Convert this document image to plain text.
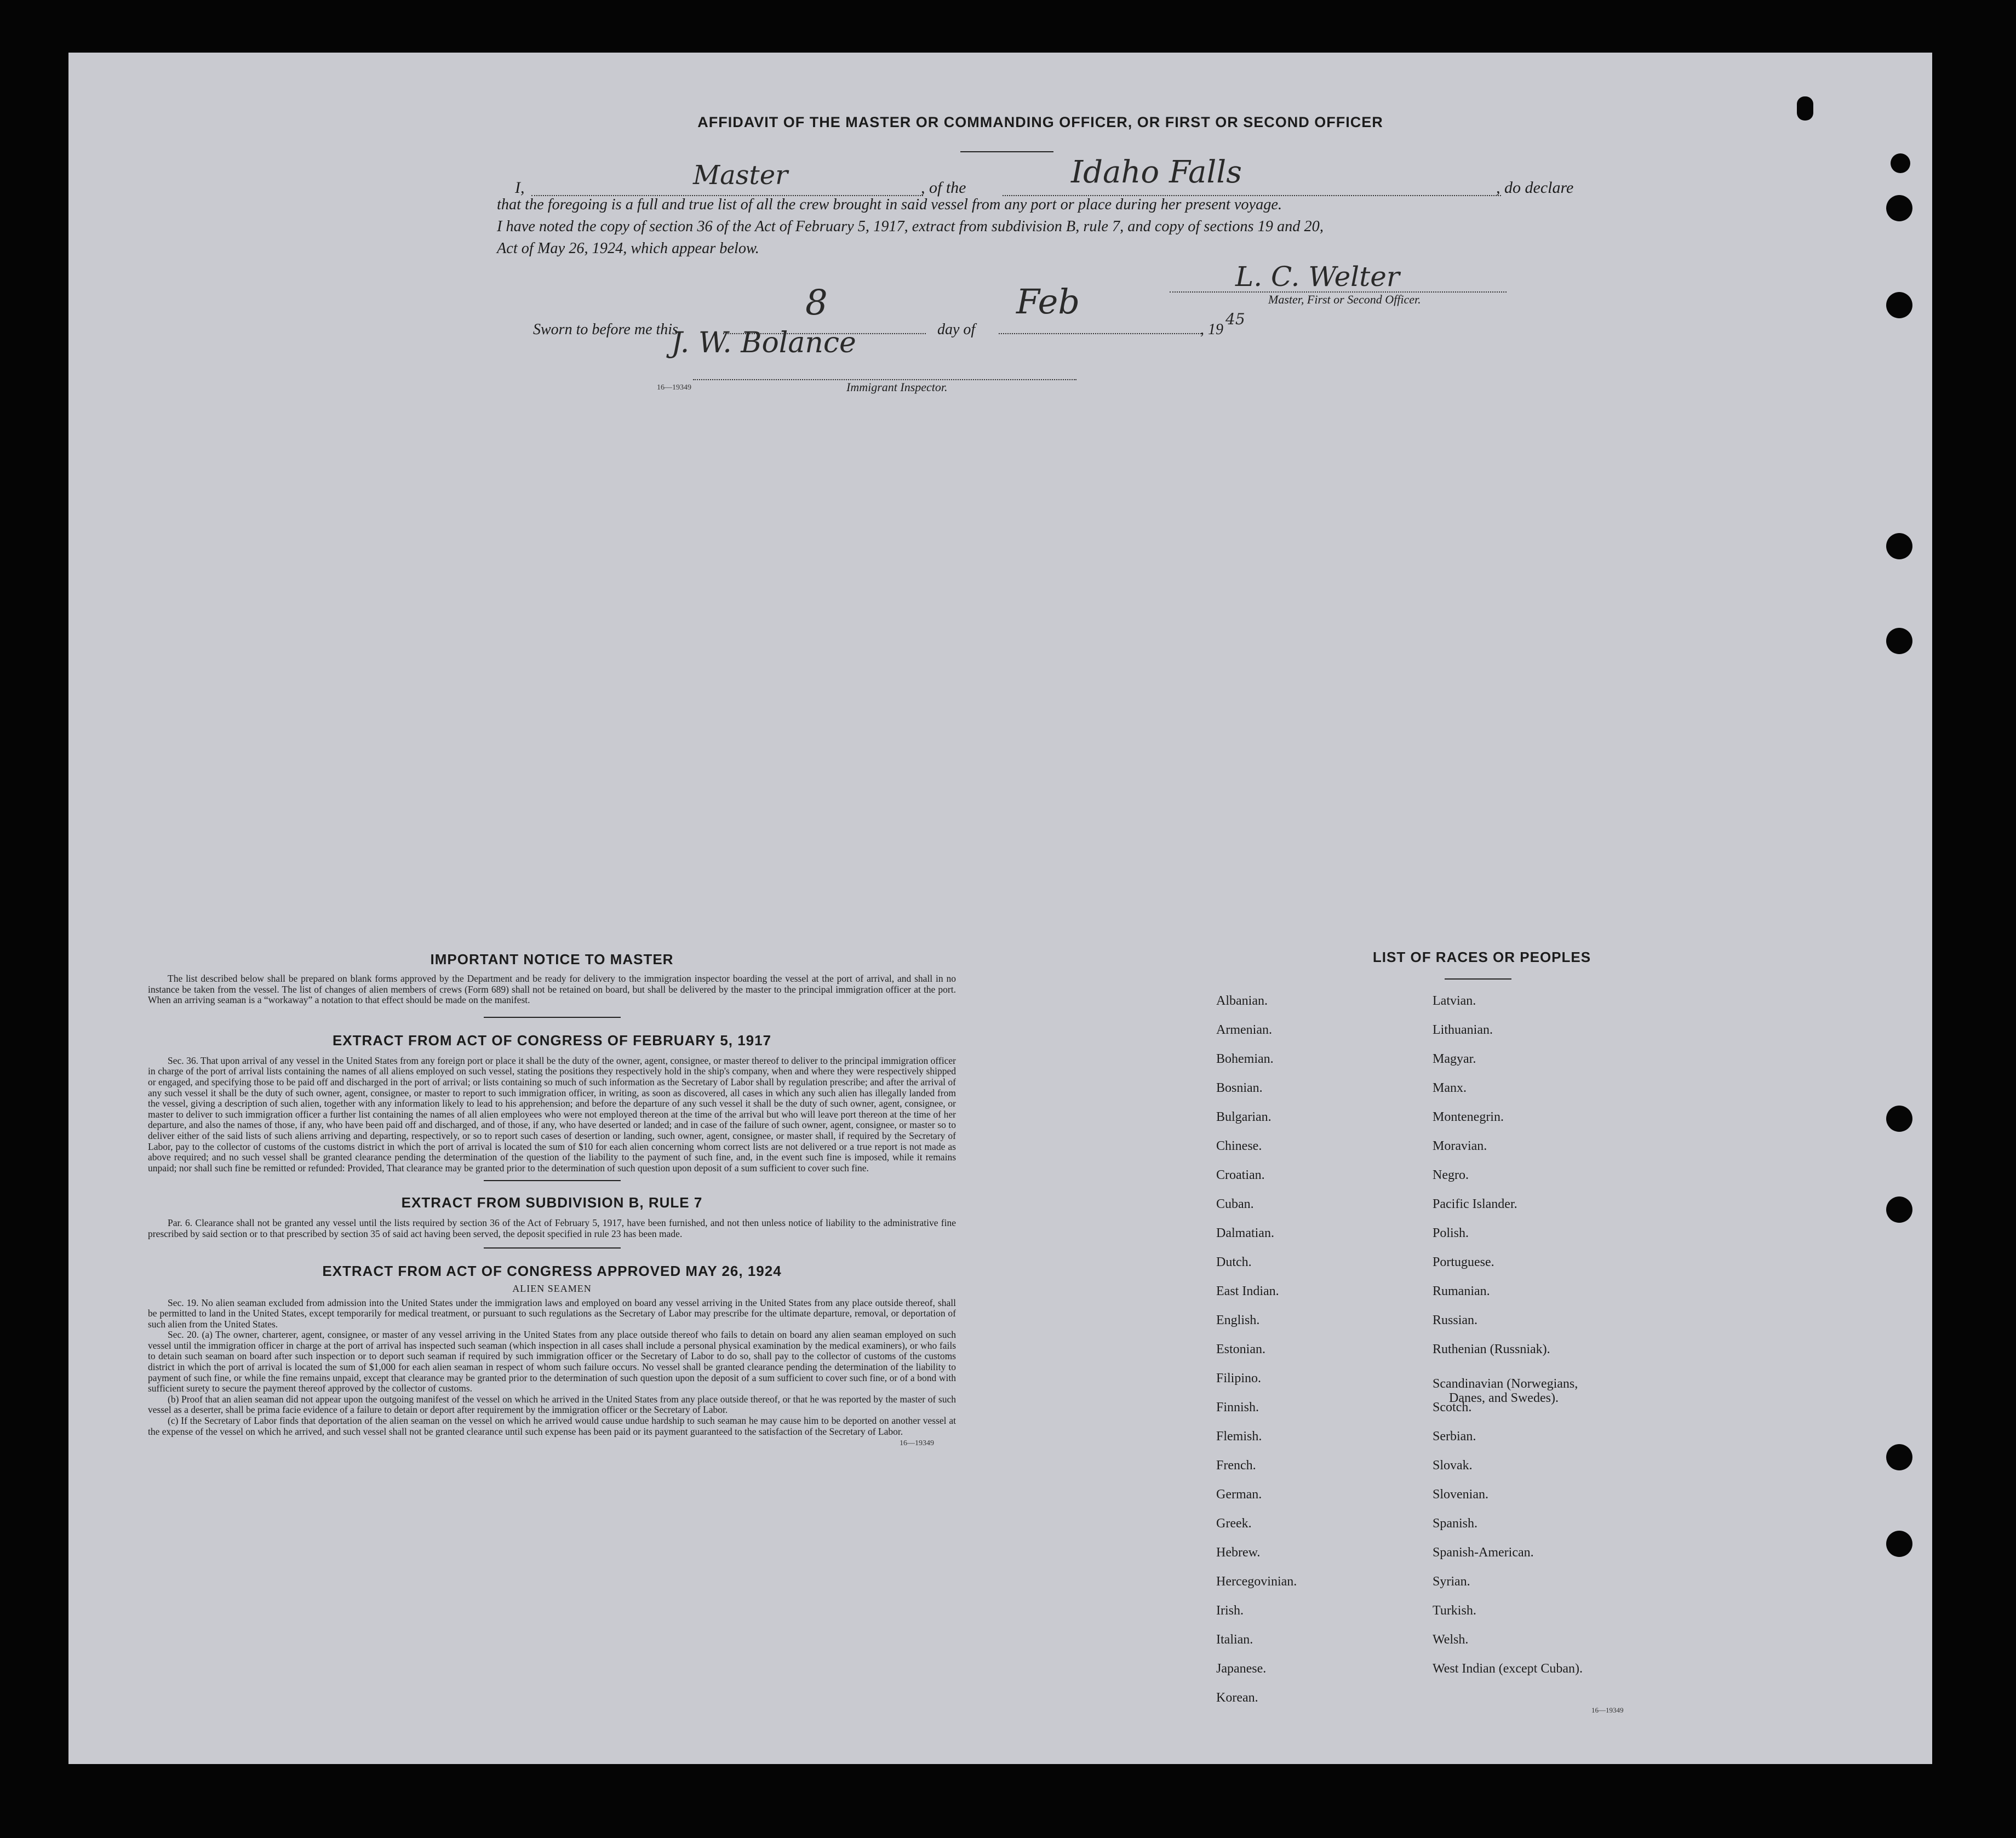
AFFIDAVIT OF THE MASTER OR COMMANDING OFFICER, OR FIRST OR SECOND OFFICER
I,	Master	, of the	Idaho Falls	, do declare
that the foregoing is a full and true list of all the crew brought in said vessel from any port or place during her present voyage.
I have noted the copy of section 36 of the Act of February 5, 1917, extract from subdivision B, rule 7, and copy of sections 19 and 20,
Act of May 26, 1924, which appear below.
L. C. Welter
Master, First or Second Officer.
Sworn to before me this
8
day of
Feb
, 19
45
J. W. Bolance
16—19349	Immigrant Inspector.
IMPORTANT NOTICE TO MASTER

The list described below shall be prepared on blank forms approved by the Department and be ready for delivery to the immigration inspector boarding the vessel at the port of arrival, and shall in no instance be taken from the vessel. The list of changes of alien members of crews (Form 689) shall not be retained on board, but shall be delivered by the master to the principal immigration officer at the port. When an arriving seaman is a “workaway” a notation to that effect should be made on the manifest.

EXTRACT FROM ACT OF CONGRESS OF FEBRUARY 5, 1917

Sec. 36. That upon arrival of any vessel in the United States from any foreign port or place it shall be the duty of the owner, agent, consignee, or master thereof to deliver to the principal immigration officer in charge of the port of arrival lists containing the names of all aliens employed on such vessel, stating the positions they respectively hold in the ship's company, when and where they were respectively shipped or engaged, and specifying those to be paid off and discharged in the port of arrival; or lists containing so much of such information as the Secretary of Labor shall by regulation prescribe; and after the arrival of any such vessel it shall be the duty of such owner, agent, consignee, or master to report to such immigration officer, in writing, as soon as discovered, all cases in which any such alien has illegally landed from the vessel, giving a description of such alien, together with any information likely to lead to his apprehension; and before the departure of any such vessel it shall be the duty of such owner, agent, consignee, or master to deliver to such immigration officer a further list containing the names of all alien employees who were not employed thereon at the time of the arrival but who will leave port thereon at the time of her departure, and also the names of those, if any, who have been paid off and discharged, and of those, if any, who have deserted or landed; and in case of the failure of such owner, agent, consignee, or master so to deliver either of the said lists of such aliens arriving and departing, respectively, or so to report such cases of desertion or landing, such owner, agent, consignee, or master shall, if required by the Secretary of Labor, pay to the collector of customs of the customs district in which the port of arrival is located the sum of $10 for each alien concerning whom correct lists are not delivered or a true report is not made as above required; and no such vessel shall be granted clearance pending the determination of the question of the liability to the payment of such fine, and, in the event such fine is imposed, while it remains unpaid; nor shall such fine be remitted or refunded: Provided, That clearance may be granted prior to the determination of such question upon deposit of a sum sufficient to cover such fine.

EXTRACT FROM SUBDIVISION B, RULE 7

Par. 6. Clearance shall not be granted any vessel until the lists required by section 36 of the Act of February 5, 1917, have been furnished, and not then unless notice of liability to the administrative fine prescribed by said section or to that prescribed by section 35 of said act having been served, the deposit specified in rule 23 has been made.

EXTRACT FROM ACT OF CONGRESS APPROVED MAY 26, 1924
ALIEN SEAMEN

Sec. 19. No alien seaman excluded from admission into the United States under the immigration laws and employed on board any vessel arriving in the United States from any place outside thereof, shall be permitted to land in the United States, except temporarily for medical treatment, or pursuant to such regulations as the Secretary of Labor may prescribe for the ultimate departure, removal, or deportation of such alien from the United States.

Sec. 20. (a) The owner, charterer, agent, consignee, or master of any vessel arriving in the United States from any place outside thereof who fails to detain on board any alien seaman employed on such vessel until the immigration officer in charge at the port of arrival has inspected such seaman (which inspection in all cases shall include a personal physical examination by the medical examiners), or who fails to detain such seaman on board after such inspection or to deport such seaman if required by such immigration officer or the Secretary of Labor to do so, shall pay to the collector of customs of the customs district in which the port of arrival is located the sum of $1,000 for each alien seaman in respect of whom such failure occurs. No vessel shall be granted clearance pending the determination of the liability to payment of such fine, or while the fine remains unpaid, except that clearance may be granted prior to the determination of such question upon the deposit of a sum sufficient to cover such fine, or of a bond with sufficient surety to secure the payment thereof approved by the collector of customs.

(b) Proof that an alien seaman did not appear upon the outgoing manifest of the vessel on which he arrived in the United States from any place outside thereof, or that he was reported by the master of such vessel as a deserter, shall be prima facie evidence of a failure to detain or deport after requirement by the immigration officer or the Secretary of Labor.

(c) If the Secretary of Labor finds that deportation of the alien seaman on the vessel on which he arrived would cause undue hardship to such seaman he may cause him to be deported on another vessel at the expense of the vessel on which he arrived, and such vessel shall not be granted clearance until such expense has been paid or its payment guaranteed to the satisfaction of the Secretary of Labor.

16—19349
LIST OF RACES OR PEOPLES
Albanian.
Armenian.
Bohemian.
Bosnian.
Bulgarian.
Chinese.
Croatian.
Cuban.
Dalmatian.
Dutch.
East Indian.
English.
Estonian.
Filipino.
Finnish.
Flemish.
French.
German.
Greek.
Hebrew.
Hercegovinian.
Irish.
Italian.
Japanese.
Korean.
Latvian.
Lithuanian.
Magyar.
Manx.
Montenegrin.
Moravian.
Negro.
Pacific Islander.
Polish.
Portuguese.
Rumanian.
Russian.
Ruthenian (Russniak).
Scandinavian (Norwegians,
Danes, and Swedes).
Scotch.
Serbian.
Slovak.
Slovenian.
Spanish.
Spanish-American.
Syrian.
Turkish.
Welsh.
West Indian (except Cuban).
16—19349
